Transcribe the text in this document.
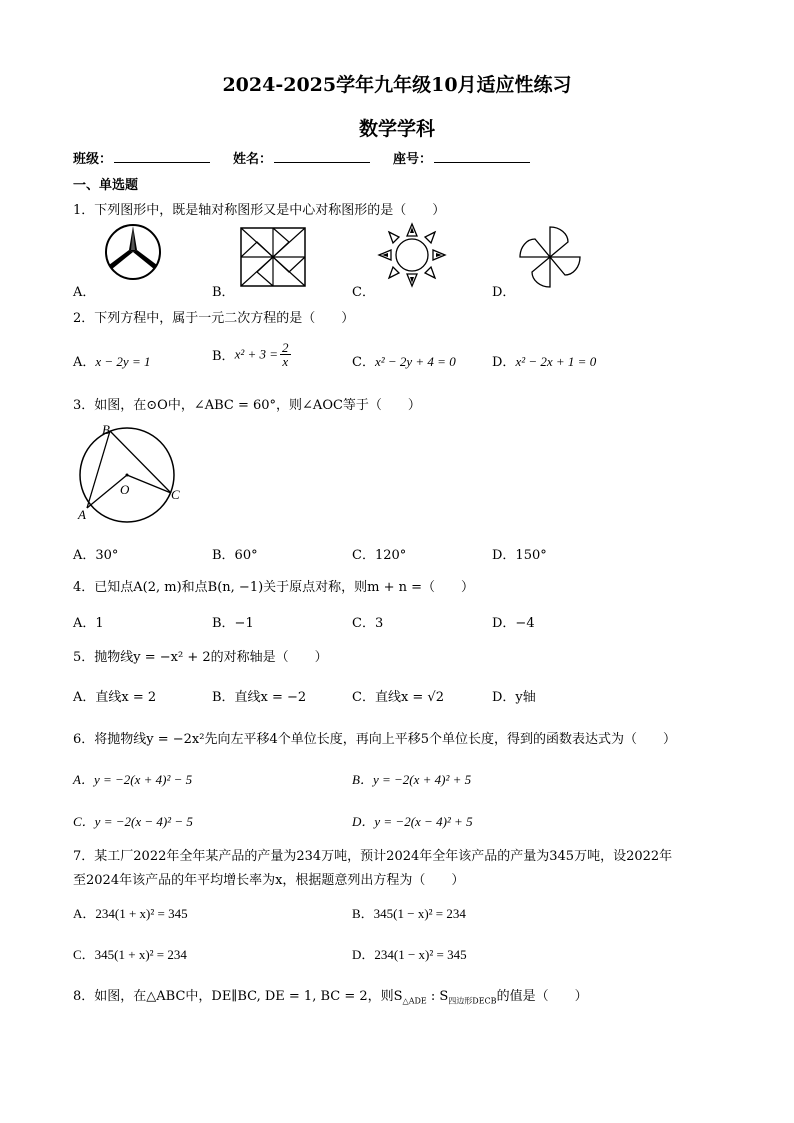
2024-2025学年九年级10月适应性练习
数学学科
班级：	姓名：	座号：
一、单选题
1．下列图形中，既是轴对称图形又是中心对称图形的是（　　）
A．	B．	C．	D．
2．下列方程中，属于一元二次方程的是（　　）
A．x − 2y = 1	B．$x^2 + 3 = \frac{2}{x}$	C．x² − 2y + 4 = 0	D．x² − 2x + 1 = 0
3．如图，在⊙O中，∠ABC = 60°，则∠AOC等于（　　）
B
O	C
A
A．30°	B．60°	C．120°	D．150°
4．已知点A(2, m)和点B(n, −1)关于原点对称，则m + n =（　　）
A．1	B．−1	C．3	D．−4
5．抛物线y = −x² + 2的对称轴是（　　）
A．直线x = 2	B．直线x = −2	C．直线x = √2	D．y轴
6．将抛物线y = −2x²先向左平移4个单位长度，再向上平移5个单位长度，得到的函数表达式为（　　）
A．y = −2(x + 4)² − 5	B．y = −2(x + 4)² + 5
C．y = −2(x − 4)² − 5	D．y = −2(x − 4)² + 5
7．某工厂2022年全年某产品的产量为234万吨，预计2024年全年该产品的产量为345万吨，设2022年
至2024年该产品的年平均增长率为x，根据题意列出方程为（　　）
A．234(1 + x)² = 345	B．345(1 − x)² = 234
C．345(1 + x)² = 234	D．234(1 − x)² = 345
8．如图，在△ABC中，DE∥BC, DE = 1, BC = 2，则$S_{\triangle ADE}$ : $S_{四边形DECB}$的值是（　　）
